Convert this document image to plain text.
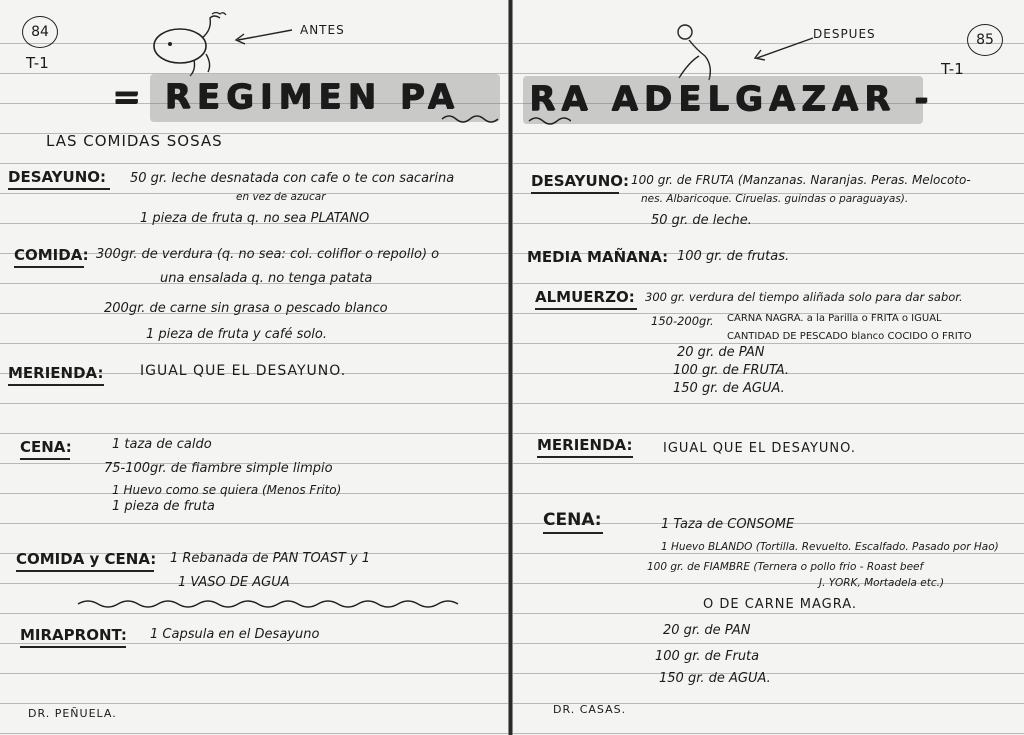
84
T-1
ANTES
= REGIMEN PA
LAS COMIDAS SOSAS
DESAYUNO: 50 gr. leche desnatada con cafe o te con sacarina
en vez de azucar
1 pieza de fruta q. no sea PLATANO
COMIDA: 300gr. de verdura (q. no sea: col. coliflor o repollo) o
una ensalada q. no tenga patata
200gr. de carne sin grasa o pescado blanco
1 pieza de fruta y café solo.
MERIENDA:	IGUAL QUE EL DESAYUNO.
CENA:	1 taza de caldo
75-100gr. de fiambre simple limpio
1 Huevo como se quiera (Menos Frito)
1 pieza de fruta
COMIDA y CENA: 1 Rebanada de PAN TOAST y 1
1 VASO DE AGUA
MIRAPRONT: 1 Capsula en el Desayuno
DR. PEÑUELA.
85
T-1
DESPUES
RA ADELGAZAR -
DESAYUNO: 100 gr. de FRUTA (Manzanas. Naranjas. Peras. Melocoto-
nes. Albaricoque. Ciruelas. guindas o paraguayas).
50 gr. de leche.
MEDIA MAÑANA: 100 gr. de frutas.
ALMUERZO: 300 gr. verdura del tiempo aliñada solo para dar sabor.
150-200gr. CARNA NAGRA. a la Parilla o FRITA o IGUAL
CANTIDAD DE PESCADO blanco COCIDO O FRITO
20 gr. de PAN
100 gr. de FRUTA.
150 gr. de AGUA.
MERIENDA: IGUAL QUE EL DESAYUNO.
CENA:	1 Taza de CONSOME
1 Huevo BLANDO (Tortilla. Revuelto. Escalfado. Pasado por Hao)
100 gr. de FIAMBRE (Ternera o pollo frio - Roast beef
J. YORK, Mortadela etc.)
O DE CARNE MAGRA.
20 gr. de PAN
100 gr. de Fruta
150 gr. de AGUA.
DR. CASAS.
